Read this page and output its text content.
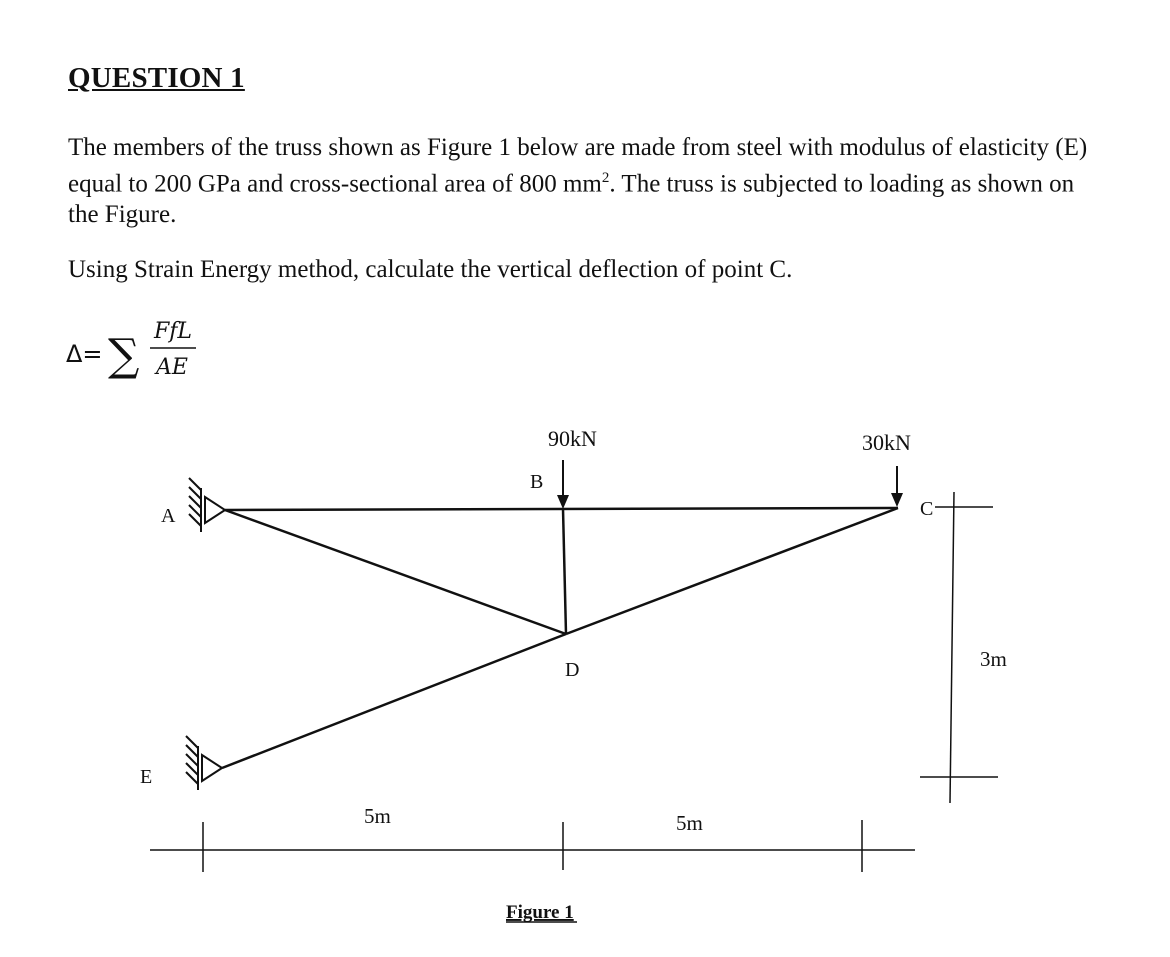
QUESTION 1
The members of the truss shown as Figure 1 below are made from steel with modulus of elasticity (E) equal to 200 GPa and cross-sectional area of 800 $mm^2$. The truss is subjected to loading as shown on the Figure.
Using Strain Energy method, calculate the vertical deflection of point C.
Δ= ∑ FfL
AE
90kN	30kN
A
B
C
D
E
5m	5m
3m
Figure 1
